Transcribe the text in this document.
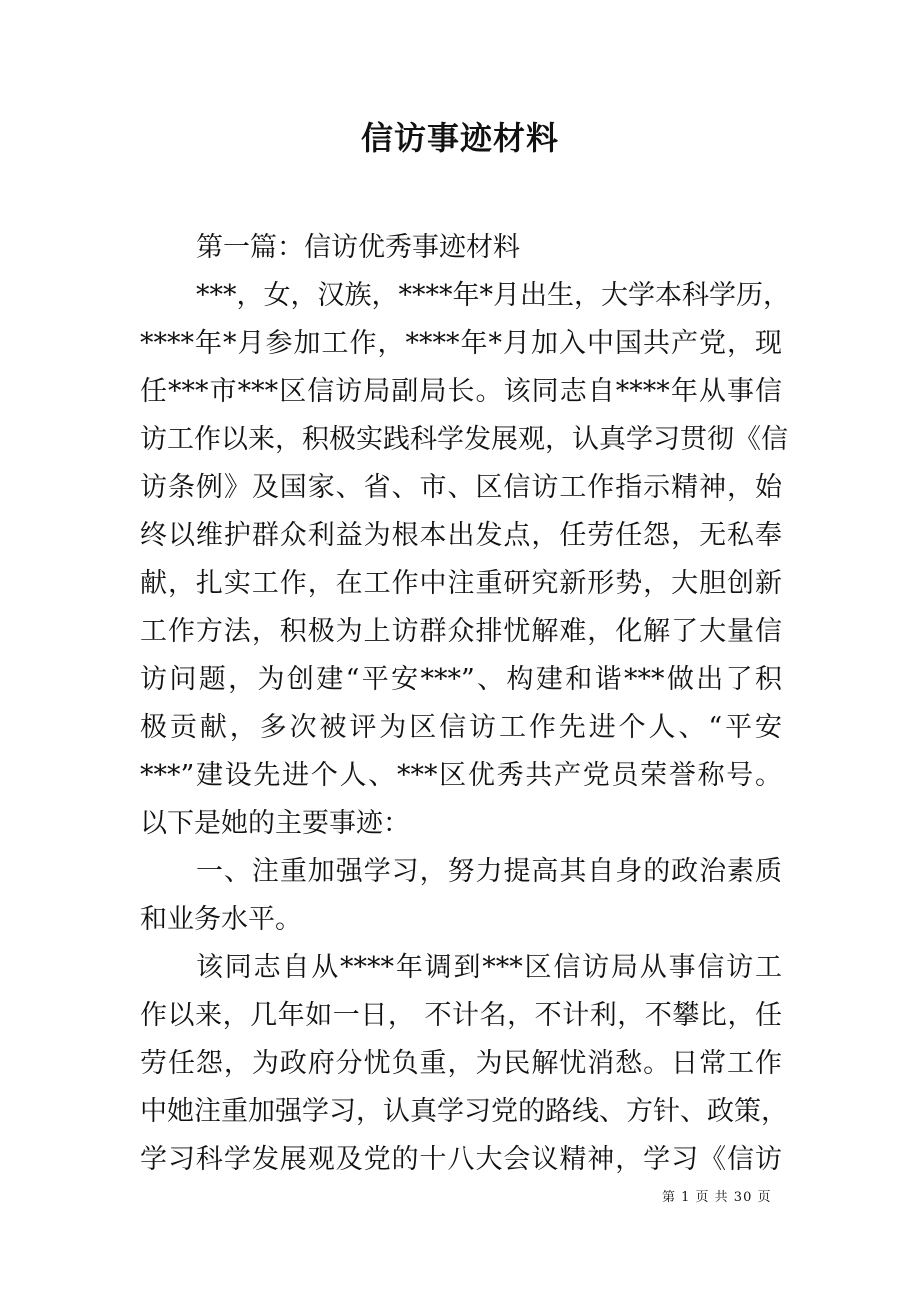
信访事迹材料
第一篇：信访优秀事迹材料
***，女，汉族，****年*月出生，大学本科学历，
****年*月参加工作，****年*月加入中国共产党，现
任***市***区信访局副局长。该同志自****年从事信
访工作以来，积极实践科学发展观，认真学习贯彻《信
访条例》及国家、省、市、区信访工作指示精神，始
终以维护群众利益为根本出发点，任劳任怨，无私奉
献，扎实工作，在工作中注重研究新形势，大胆创新
工作方法，积极为上访群众排忧解难，化解了大量信
访问题，为创建“平安***”、构建和谐***做出了积
极贡献，多次被评为区信访工作先进个人、“平安
***”建设先进个人、***区优秀共产党员荣誉称号。
以下是她的主要事迹：
一、注重加强学习，努力提高其自身的政治素质
和业务水平。
该同志自从****年调到***区信访局从事信访工
作以来，几年如一日， 不计名，不计利，不攀比，任
劳任怨，为政府分忧负重，为民解忧消愁。日常工作
中她注重加强学习，认真学习党的路线、方针、政策，
学习科学发展观及党的十八大会议精神，学习《信访
第 1 页 共 30 页
